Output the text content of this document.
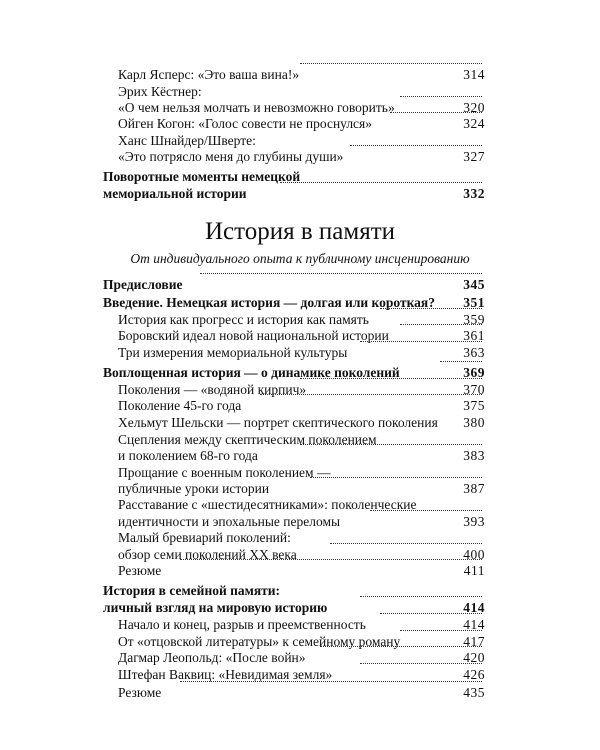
Карл Ясперс: «Это ваша вина!»	314
Эрих Кёстнер:
«О чем нельзя молчать и невозможно говорить»	320
Ойген Когон: «Голос совести не проснулся»	324
Ханс Шнайдер/Швертe:
«Это потрясло меня до глубины души»	327
Поворотные моменты немецкой
мемориальной истории	332
История в памяти
От индивидуального опыта к публичному инсценированию
Предисловие	345
Введение. Немецкая история — долгая или короткая? 351
История как прогресс и история как память	359
Боровский идеал новой национальной истории	361
Три измерения мемориальной культуры	363
Воплощенная история — о динамике поколений	369
Поколения — «водяной кирпич»	370
Поколение 45-го года	375
Хельмут Шельски — портрет скептического поколения 380
Сцепления между скептическим поколением
и поколением 68-го года	383
Прощание с военным поколением —
публичные уроки истории	387
Расставание с «шестидесятниками»: поколенческие
идентичности и эпохальные переломы	393
Малый бревиарий поколений:
обзор семи поколений XX века	400
Резюме	411
История в семейной памяти:
личный взгляд на мировую историю	414
Начало и конец, разрыв и преемственность	414
От «отцовской литературы» к семейному роману	417
Дагмар Леопольд: «После войн»	420
Штефан Ваквиц: «Невидимая земля»	426
Резюме	435
